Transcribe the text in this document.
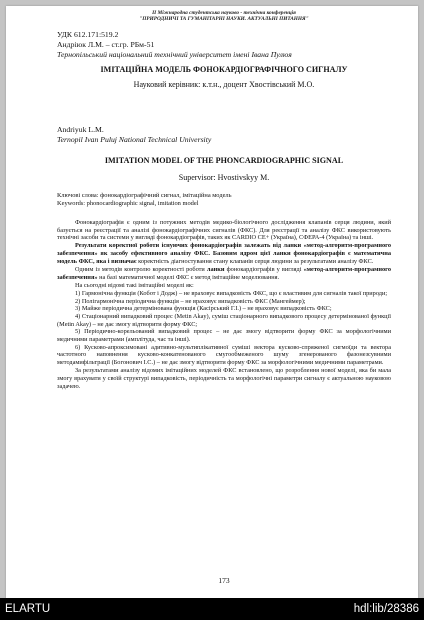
II Міжнародна студентська науково - технічна конференція
"ПРИРОДНИЧІ ТА ГУМАНІТАРНІ НАУКИ. АКТУАЛЬНІ ПИТАННЯ"
УДК 612.171:519.2
Андріюк Л.М. – ст.гр. РБм-51
Тернопільський національний технічний університет імені Івана Пулюя
ІМІТАЦІЙНА МОДЕЛЬ ФОНОКАРДІОГРАФІЧНОГО СИГНАЛУ
Науковий керівник: к.т.н., доцент Хвостівський М.О.
Andriyuk L.M.
Ternopil Ivan Puluj National Technical University
IMITATION MODEL OF THE PHONCARDIOGRAPHIC SIGNAL
Supervisor: Hvostivskyy M.
Ключові слова: фонокардіографічний сигнал, імітаційна модель
Keywords: phonocardiographic signal, imitation model

Фонокардіографія є одним із потужних методів медико-біологічного дослідження клапанів серця людини, який базується на реєстрації та аналізі фонокардіографічних сигналів (ФКС). Для реєстрації та аналізу ФКС використовують технічні засоби та системи у вигляді фонокардіографів, таких як CARDIO CE+ (Україна), СФЕРА-4 (Україна) та інші.

Результати коректної роботи існуючих фонокардіографів залежать від ланки «метод-алгоритм-програмного забезпечення» як засобу ефективного аналізу ФКС. Базовим ядром цієї ланки фонокардіографів є математична модель ФКС, яка і визначає коректність діагностування стану клапанів серця людини за результатами аналізу ФКС.

Одним із методів контролю коректності роботи ланки фонокардіографів у вигляді «метод-алгоритм-програмного забезпечення» на базі математичної моделі ФКС є метод імітаційне моделювання.

На сьогодні відомі такі імітаційні моделі як:

1) Гармонічна функція (Кобот і Додж) – не враховує випадковість ФКС, що є властивим для сигналів такої природи;

2) Полігармонічна періодична функція – не враховує випадковість ФКС (Мангеймер);

3) Майже періодична детермінована функція (Касірський Г.І.) – не враховує випадковість ФКС;

4) Стаціонарний випадковий процес (Metin Akay), суміш стаціонарного випадкового процесу детермінованої функції (Metin Akay) – не дає змогу відтворити форму ФКС;

5) Періодично-корельований випадковий процес – не дає змогу відтворити форму ФКС за морфологічними медичними параметрами (амплітуда, час та інші).

6) Кусково-апроксимовані адитивно-мультиплікативної суміші вектора кусково-спряженої сигмоїди та вектора частотного наповнення кусково-конкатенованого смугообмеженого шуму згенерованого фазонезсувними методамифільтрації (Богонович І.С.) – не дає змогу відтворити форму ФКС за морфологічними медичними параметрами.

За результатами аналізу відомих імітаційних моделей ФКС встановлено, що розроблення нової моделі, яка би мала змогу врахувати у своїй структурі випадковість, періодичність та морфологічні параметри сигналу є актуальною науковою задачею.

173
ELARTU	hdl:lib/28386
